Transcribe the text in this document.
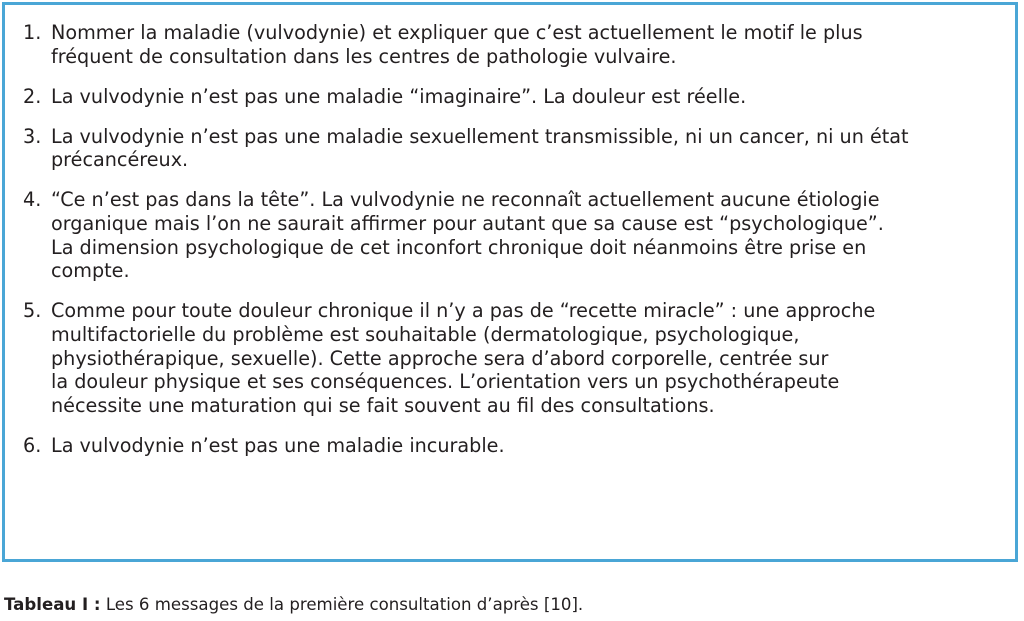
1. Nommer la maladie (vulvodynie) et expliquer que c’est actuellement le motif le plus
fréquent de consultation dans les centres de pathologie vulvaire.
2. La vulvodynie n’est pas une maladie “imaginaire”. La douleur est réelle.
3. La vulvodynie n’est pas une maladie sexuellement transmissible, ni un cancer, ni un état
précancéreux.
4. “Ce n’est pas dans la tête”. La vulvodynie ne reconnaît actuellement aucune étiologie
organique mais l’on ne saurait affirmer pour autant que sa cause est “psychologique”.
La dimension psychologique de cet inconfort chronique doit néanmoins être prise en
compte.
5. Comme pour toute douleur chronique il n’y a pas de “recette miracle” : une approche
multifactorielle du problème est souhaitable (dermatologique, psychologique,
physiothérapique, sexuelle). Cette approche sera d’abord corporelle, centrée sur
la douleur physique et ses conséquences. L’orientation vers un psychothérapeute
nécessite une maturation qui se fait souvent au fil des consultations.
6. La vulvodynie n’est pas une maladie incurable.
Tableau I : Les 6 messages de la première consultation d’après [10].
